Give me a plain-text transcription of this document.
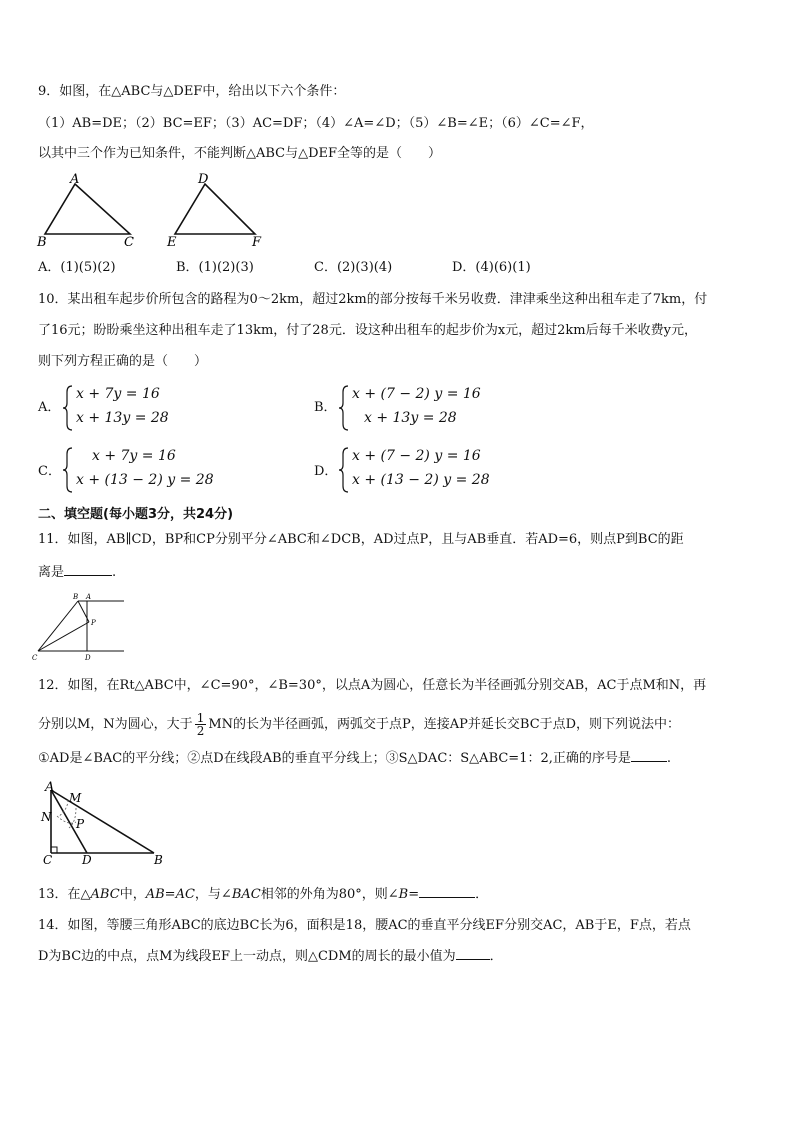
9．如图，在△ABC与△DEF中，给出以下六个条件：
（1）AB=DE；（2）BC=EF；（3）AC=DF；（4）∠A=∠D；（5）∠B=∠E；（6）∠C=∠F，
以其中三个作为已知条件，不能判断△ABC与△DEF全等的是（　　）
A
B	C
D
E	F
A．(1)(5)(2)	B．(1)(2)(3)	C．(2)(3)(4)	D．(4)(6)(1)
10．某出租车起步价所包含的路程为0～2km，超过2km的部分按每千米另收费．津津乘坐这种出租车走了7km，付
了16元；盼盼乘坐这种出租车走了13km，付了28元．设这种出租车的起步价为x元，超过2km后每千米收费y元，
则下列方程正确的是（　　）
A．
x + 7y = 16
x + 13y = 28
B．
x + (7 − 2) y = 16
x + 13y = 28
C．
x + 7y = 16
x + (13 − 2) y = 28
D．
x + (7 − 2) y = 16
x + (13 − 2) y = 28
二、填空题(每小题3分，共24分)
11．如图，AB∥CD，BP和CP分别平分∠ABC和∠DCB，AD过点P，且与AB垂直．若AD=6，则点P到BC的距
离是	.
B A
P
C	D
12．如图，在Rt△ABC中，∠C=90°，∠B=30°，以点A为圆心，任意长为半径画弧分别交AB，AC于点M和N，再
分别以M，N为圆心，大于 $\frac{1}{2}$ MN的长为半径画弧，两弧交于点P，连接AP并延长交BC于点D，则下列说法中：
①AD是∠BAC的平分线；②点D在线段AB的垂直平分线上；③S△DAC：S△ABC=1：2,正确的序号是	.
A
M
N P
C D	B
13．在△ABC中，AB=AC，与∠BAC相邻的外角为80°，则∠B=	．
14．如图，等腰三角形ABC的底边BC长为6，面积是18，腰AC的垂直平分线EF分别交AC，AB于E，F点，若点
D为BC边的中点，点M为线段EF上一动点，则△CDM的周长的最小值为	．
